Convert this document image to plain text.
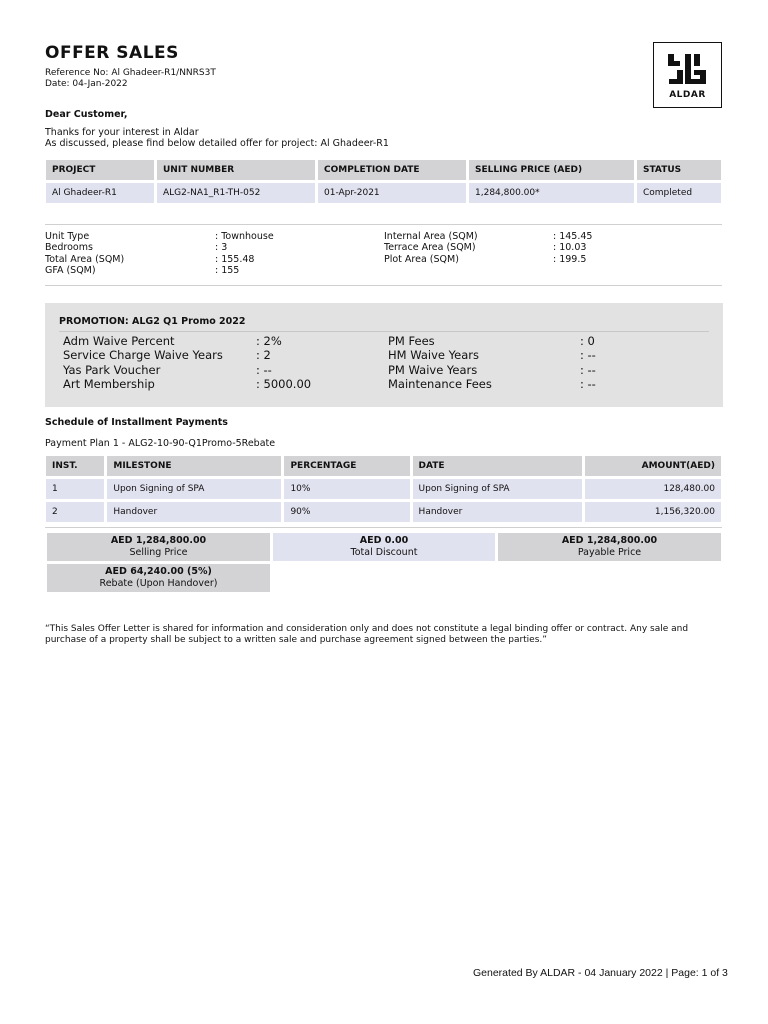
OFFER SALES
Reference No: Al Ghadeer-R1/NNRS3T
Date: 04-Jan-2022
ALDAR
Dear Customer,
Thanks for your interest in Aldar
As discussed, please find below detailed offer for project: Al Ghadeer-R1
PROJECT	UNIT NUMBER	COMPLETION DATE	SELLING PRICE (AED)	STATUS
Al Ghadeer-R1	ALG2-NA1_R1-TH-052	01-Apr-2021	1,284,800.00*	Completed
Unit Type	: Townhouse	Internal Area (SQM)	: 145.45
Bedrooms	: 3	Terrace Area (SQM)	: 10.03
Total Area (SQM)	: 155.48	Plot Area (SQM)	: 199.5
GFA (SQM)	: 155
PROMOTION: ALG2 Q1 Promo 2022
Adm Waive Percent	: 2%	PM Fees	: 0
Service Charge Waive Years	: 2	HM Waive Years	: --
Yas Park Voucher	: --	PM Waive Years	: --
Art Membership	: 5000.00	Maintenance Fees	: --
Schedule of Installment Payments
Payment Plan 1 - ALG2-10-90-Q1Promo-5Rebate
INST.	MILESTONE	PERCENTAGE	DATE	AMOUNT(AED)
1	Upon Signing of SPA	10%	Upon Signing of SPA	128,480.00
2	Handover	90%	Handover	1,156,320.00
AED 1,284,800.00
Selling Price
AED 0.00
Total Discount
AED 1,284,800.00
Payable Price
AED 64,240.00 (5%)
Rebate (Upon Handover)
“This Sales Offer Letter is shared for information and consideration only and does not constitute a legal binding offer or contract. Any sale and purchase of a property shall be subject to a written sale and purchase agreement signed between the parties.”
Generated By ALDAR - 04 January 2022 | Page: 1 of 3
